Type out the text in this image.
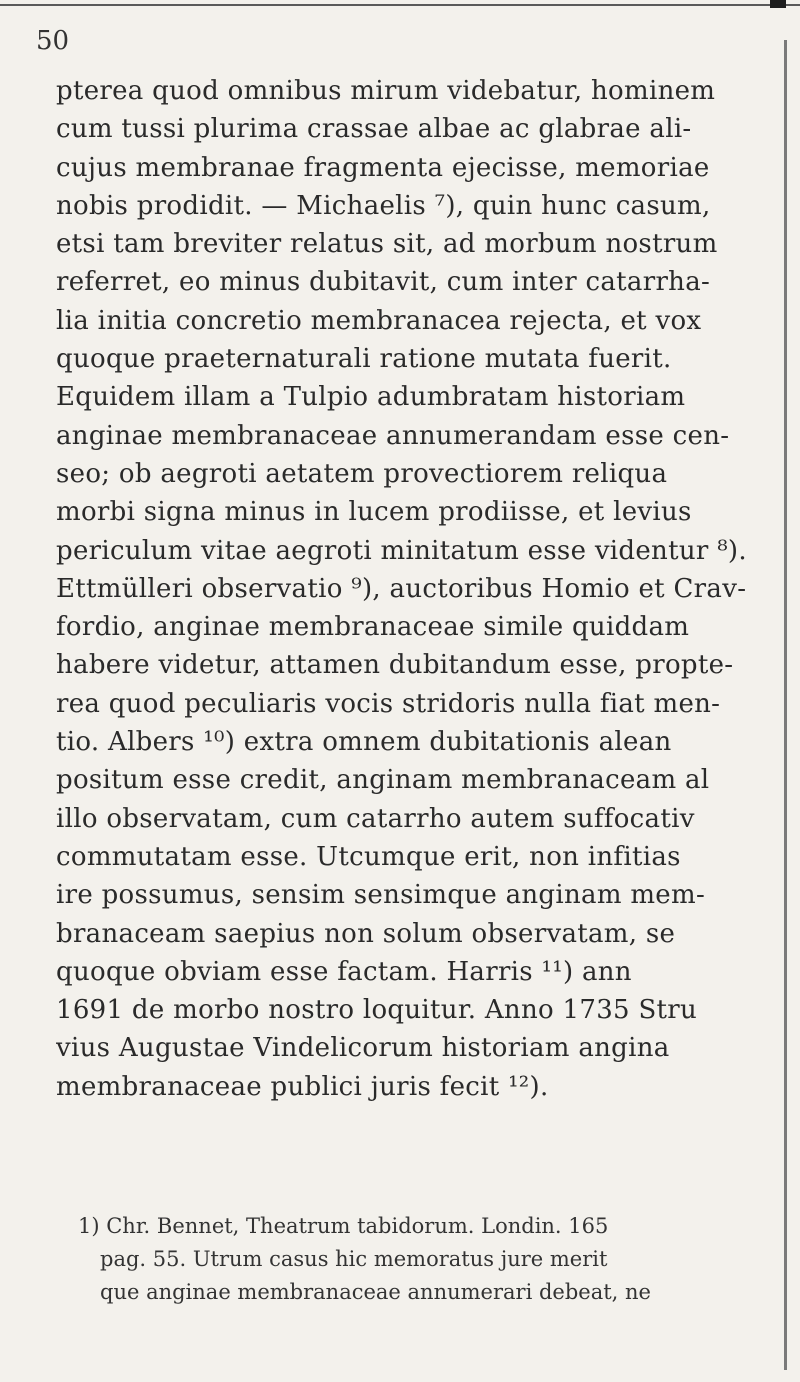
50
pterea quod omnibus mirum videbatur, hominem
cum tussi plurima crassae albae ac glabrae ali-
cujus membranae fragmenta ejecisse, memoriae
nobis prodidit. — Michaelis ⁷), quin hunc casum,
etsi tam breviter relatus sit, ad morbum nostrum
referret, eo minus dubitavit, cum inter catarrha-
lia initia concretio membranacea rejecta, et vox
quoque praeternaturali ratione mutata fuerit.
Equidem illam a Tulpio adumbratam historiam
anginae membranaceae annumerandam esse cen-
seo; ob aegroti aetatem provectiorem reliqua
morbi signa minus in lucem prodiisse, et levius
periculum vitae aegroti minitatum esse videntur ⁸).
Ettmülleri observatio ⁹), auctoribus Homio et Crav-
fordio, anginae membranaceae simile quiddam
habere videtur, attamen dubitandum esse, propte-
rea quod peculiaris vocis stridoris nulla fiat men-
tio. Albers ¹⁰) extra omnem dubitationis alean
positum esse credit, anginam membranaceam al
illo observatam, cum catarrho autem suffocativ
commutatam esse. Utcumque erit, non infitias
ire possumus, sensim sensimque anginam mem-
branaceam saepius non solum observatam, se
quoque obviam esse factam. Harris ¹¹) ann
1691 de morbo nostro loquitur. Anno 1735 Stru
vius Augustae Vindelicorum historiam angina
membranaceae publici juris fecit ¹²).
1) Chr. Bennet, Theatrum tabidorum. Londin. 165
pag. 55. Utrum casus hic memoratus jure merit
que anginae membranaceae annumerari debeat, ne
